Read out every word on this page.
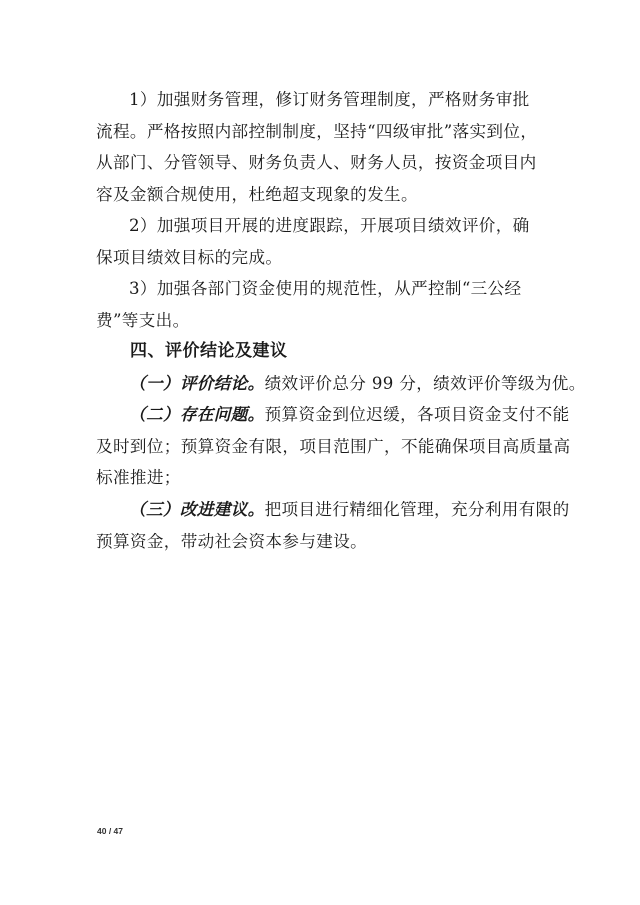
1）加强财务管理，修订财务管理制度，严格财务审批
流程。严格按照内部控制制度，坚持“四级审批”落实到位，
从部门、分管领导、财务负责人、财务人员，按资金项目内
容及金额合规使用，杜绝超支现象的发生。
2）加强项目开展的进度跟踪，开展项目绩效评价，确
保项目绩效目标的完成。
3）加强各部门资金使用的规范性，从严控制“三公经
费”等支出。
四、评价结论及建议
（一）评价结论。绩效评价总分 99 分，绩效评价等级为优。
（二）存在问题。预算资金到位迟缓，各项目资金支付不能
及时到位；预算资金有限，项目范围广，不能确保项目高质量高
标准推进；
（三）改进建议。把项目进行精细化管理，充分利用有限的
预算资金，带动社会资本参与建设。
40 / 47
